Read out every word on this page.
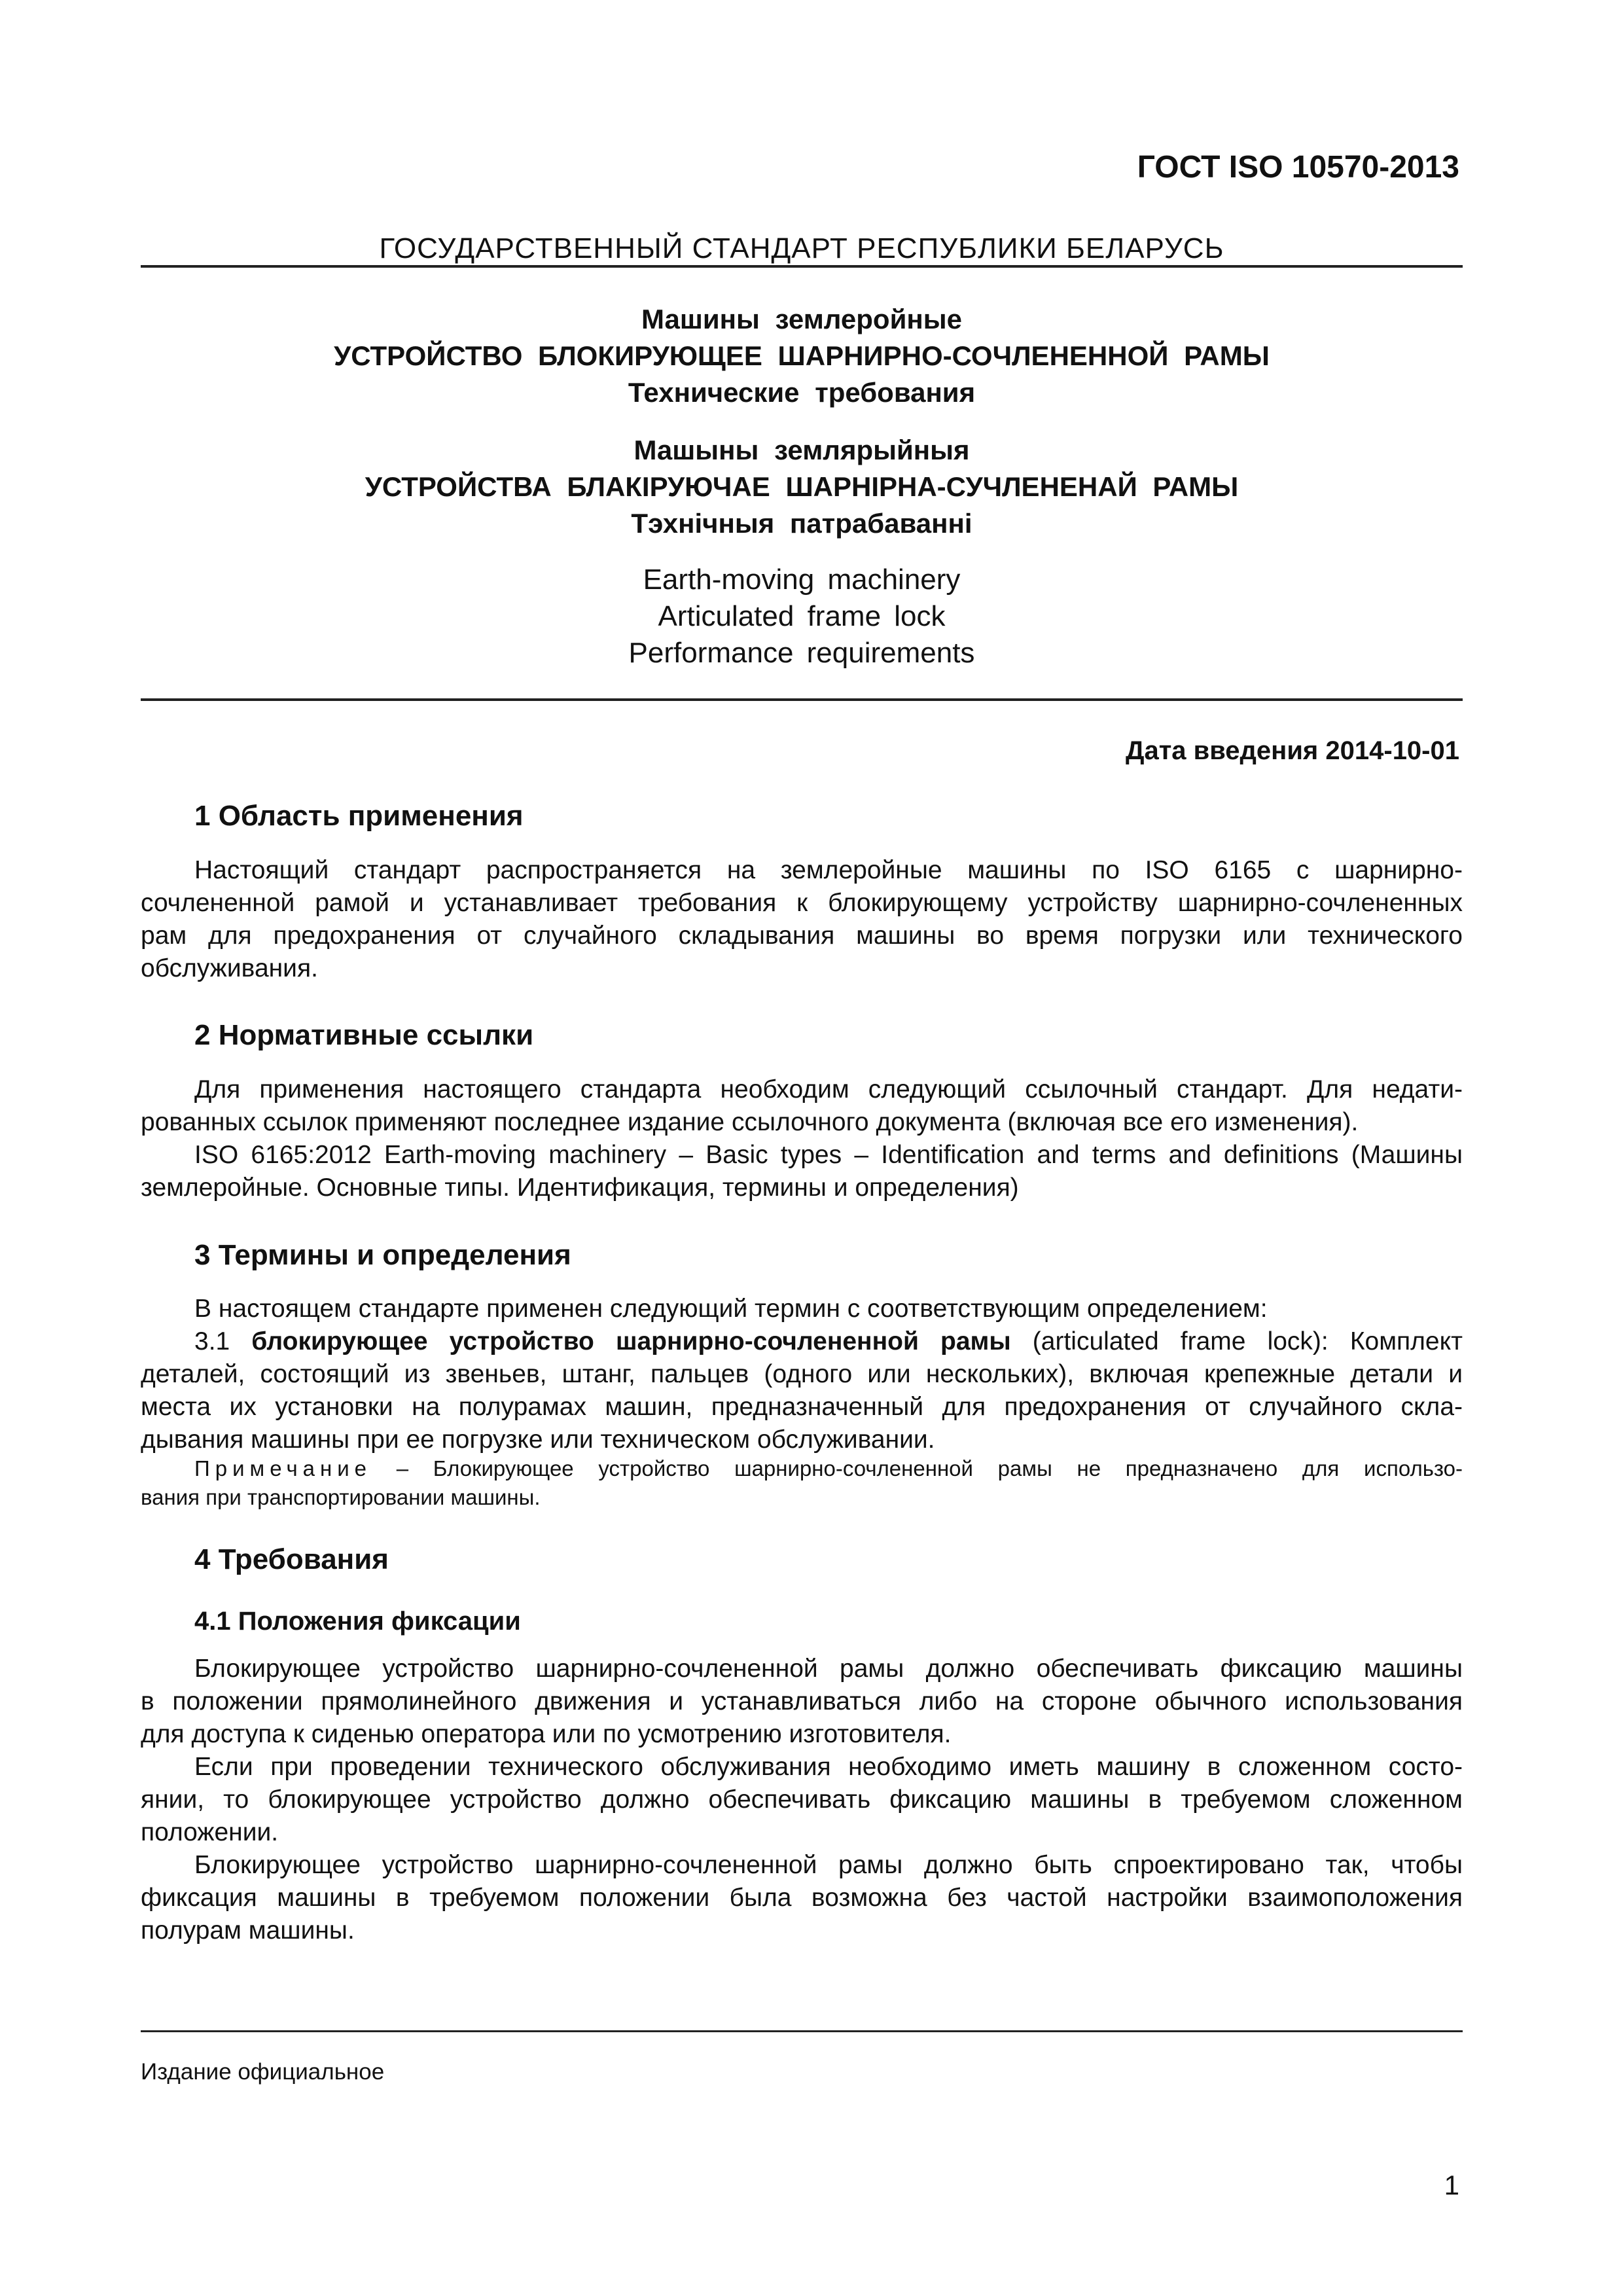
ГОСТ ISO 10570-2013
ГОСУДАРСТВЕННЫЙ СТАНДАРТ РЕСПУБЛИКИ БЕЛАРУСЬ
Машины землеройные
УСТРОЙСТВО БЛОКИРУЮЩЕЕ ШАРНИРНО-СОЧЛЕНЕННОЙ РАМЫ
Технические требования
Машыны землярыйныя
УСТРОЙСТВА БЛАКІРУЮЧАЕ ШАРНІРНА-СУЧЛЕНЕНАЙ РАМЫ
Тэхнічныя патрабаванні
Earth-moving machinery
Articulated frame lock
Performance requirements
Дата введения 2014-10-01
1 Область применения
Настоящий стандарт распространяется на землеройные машины по ISO 6165 с шарнирно-
сочлененной рамой и устанавливает требования к блокирующему устройству шарнирно-сочлененных
рам для предохранения от случайного складывания машины во время погрузки или технического
обслуживания.
2 Нормативные ссылки
Для применения настоящего стандарта необходим следующий ссылочный стандарт. Для недати-
рованных ссылок применяют последнее издание ссылочного документа (включая все его изменения).
ISO 6165:2012 Earth-moving machinery – Basic types – Identification and terms and definitions (Машины
землеройные. Основные типы. Идентификация, термины и определения)
3 Термины и определения
В настоящем стандарте применен следующий термин с соответствующим определением:
3.1 блокирующее устройство шарнирно-сочлененной рамы (articulated frame lock): Комплект
деталей, состоящий из звеньев, штанг, пальцев (одного или нескольких), включая крепежные детали и
места их установки на полурамах машин, предназначенный для предохранения от случайного скла-
дывания машины при ее погрузке или техническом обслуживании.
Примечание – Блокирующее устройство шарнирно-сочлененной рамы не предназначено для использо-
вания при транспортировании машины.
4 Требования
4.1 Положения фиксации
Блокирующее устройство шарнирно-сочлененной рамы должно обеспечивать фиксацию машины
в положении прямолинейного движения и устанавливаться либо на стороне обычного использования
для доступа к сиденью оператора или по усмотрению изготовителя.
Если при проведении технического обслуживания необходимо иметь машину в сложенном состо-
янии, то блокирующее устройство должно обеспечивать фиксацию машины в требуемом сложенном
положении.
Блокирующее устройство шарнирно-сочлененной рамы должно быть спроектировано так, чтобы
фиксация машины в требуемом положении была возможна без частой настройки взаимоположения
полурам машины.
Издание официальное
1
